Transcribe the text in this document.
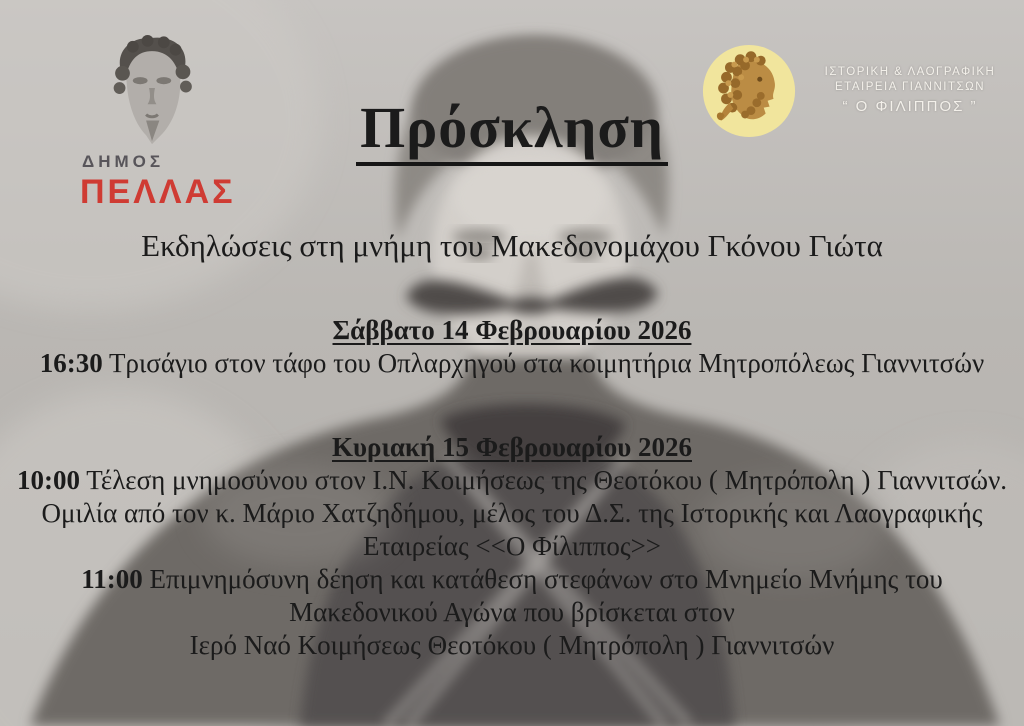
ΔΗΜΟΣ
ΠΕΛΛΑΣ
Πρόσκληση
ΙΣΤΟΡΙΚΗ & ΛΑΟΓΡΑΦΙΚΗ
ΕΤΑΙΡΕΙΑ ΓΙΑΝΝΙΤΣΩΝ
“ Ο ΦΙΛΙΠΠΟΣ ”
Εκδηλώσεις στη μνήμη του Μακεδονομάχου Γκόνου Γιώτα
Σάββατο 14 Φεβρουαρίου 2026
16:30 Τρισάγιο στον τάφο του Οπλαρχηγού στα κοιμητήρια Μητροπόλεως Γιαννιτσών
Κυριακή 15 Φεβρουαρίου 2026
10:00 Τέλεση μνημοσύνου στον Ι.Ν. Κοιμήσεως της Θεοτόκου ( Μητρόπολη ) Γιαννιτσών.
Ομιλία από τον κ. Μάριο Χατζηδήμου, μέλος του Δ.Σ. της Ιστορικής και Λαογραφικής
Εταιρείας <<Ο Φίλιππος>>
11:00 Επιμνημόσυνη δέηση και κατάθεση στεφάνων στο Μνημείο Μνήμης του
Μακεδονικού Αγώνα που βρίσκεται στον
Ιερό Ναό Κοιμήσεως Θεοτόκου ( Μητρόπολη ) Γιαννιτσών
